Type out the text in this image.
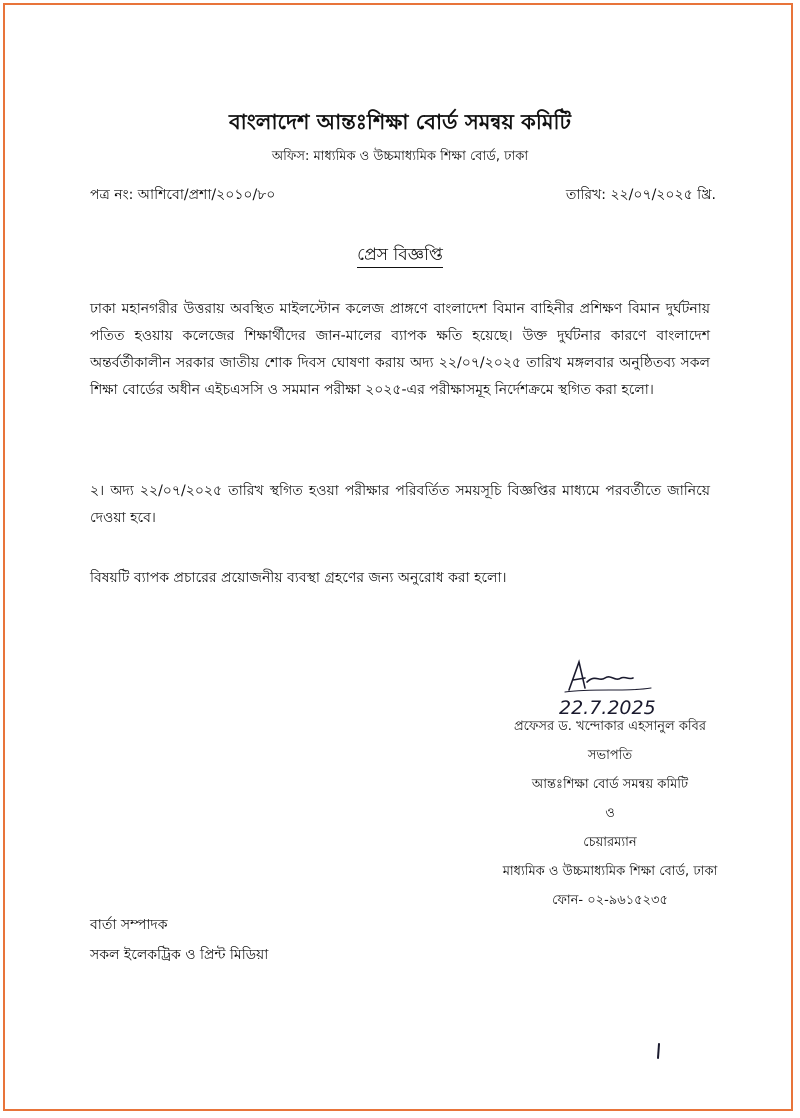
বাংলাদেশ আন্তঃশিক্ষা বোর্ড সমন্বয় কমিটি
অফিস: মাধ্যমিক ও উচ্চমাধ্যমিক শিক্ষা বোর্ড, ঢাকা
পত্র নং: আশিবো/প্রশা/২০১০/৮০	তারিখ: ২২/০৭/২০২৫ খ্রি.
প্রেস বিজ্ঞপ্তি
ঢাকা মহানগরীর উত্তরায় অবস্থিত মাইলস্টোন কলেজ প্রাঙ্গণে বাংলাদেশ বিমান বাহিনীর প্রশিক্ষণ বিমান দুর্ঘটনায় পতিত হওয়ায় কলেজের শিক্ষার্থীদের জান-মালের ব্যাপক ক্ষতি হয়েছে। উক্ত দুর্ঘটনার কারণে বাংলাদেশ অন্তর্বর্তীকালীন সরকার জাতীয় শোক দিবস ঘোষণা করায় অদ্য ২২/০৭/২০২৫ তারিখ মঙ্গলবার অনুষ্ঠিতব্য সকল শিক্ষা বোর্ডের অধীন এইচএসসি ও সমমান পরীক্ষা ২০২৫-এর পরীক্ষাসমূহ নির্দেশক্রমে স্থগিত করা হলো।
২। অদ্য ২২/০৭/২০২৫ তারিখ স্থগিত হওয়া পরীক্ষার পরিবর্তিত সময়সূচি বিজ্ঞপ্তির মাধ্যমে পরবর্তীতে জানিয়ে দেওয়া হবে।
বিষয়টি ব্যাপক প্রচারের প্রয়োজনীয় ব্যবস্থা গ্রহণের জন্য অনুরোধ করা হলো।
22.7.2025
প্রফেসর ড. খন্দোকার এহসানুল কবির
সভাপতি
আন্তঃশিক্ষা বোর্ড সমন্বয় কমিটি
ও
চেয়ারম্যান
মাধ্যমিক ও উচ্চমাধ্যমিক শিক্ষা বোর্ড, ঢাকা
ফোন- ০২-৯৬১৫২৩৫
বার্তা সম্পাদক
সকল ইলেকট্রিক ও প্রিন্ট মিডিয়া
